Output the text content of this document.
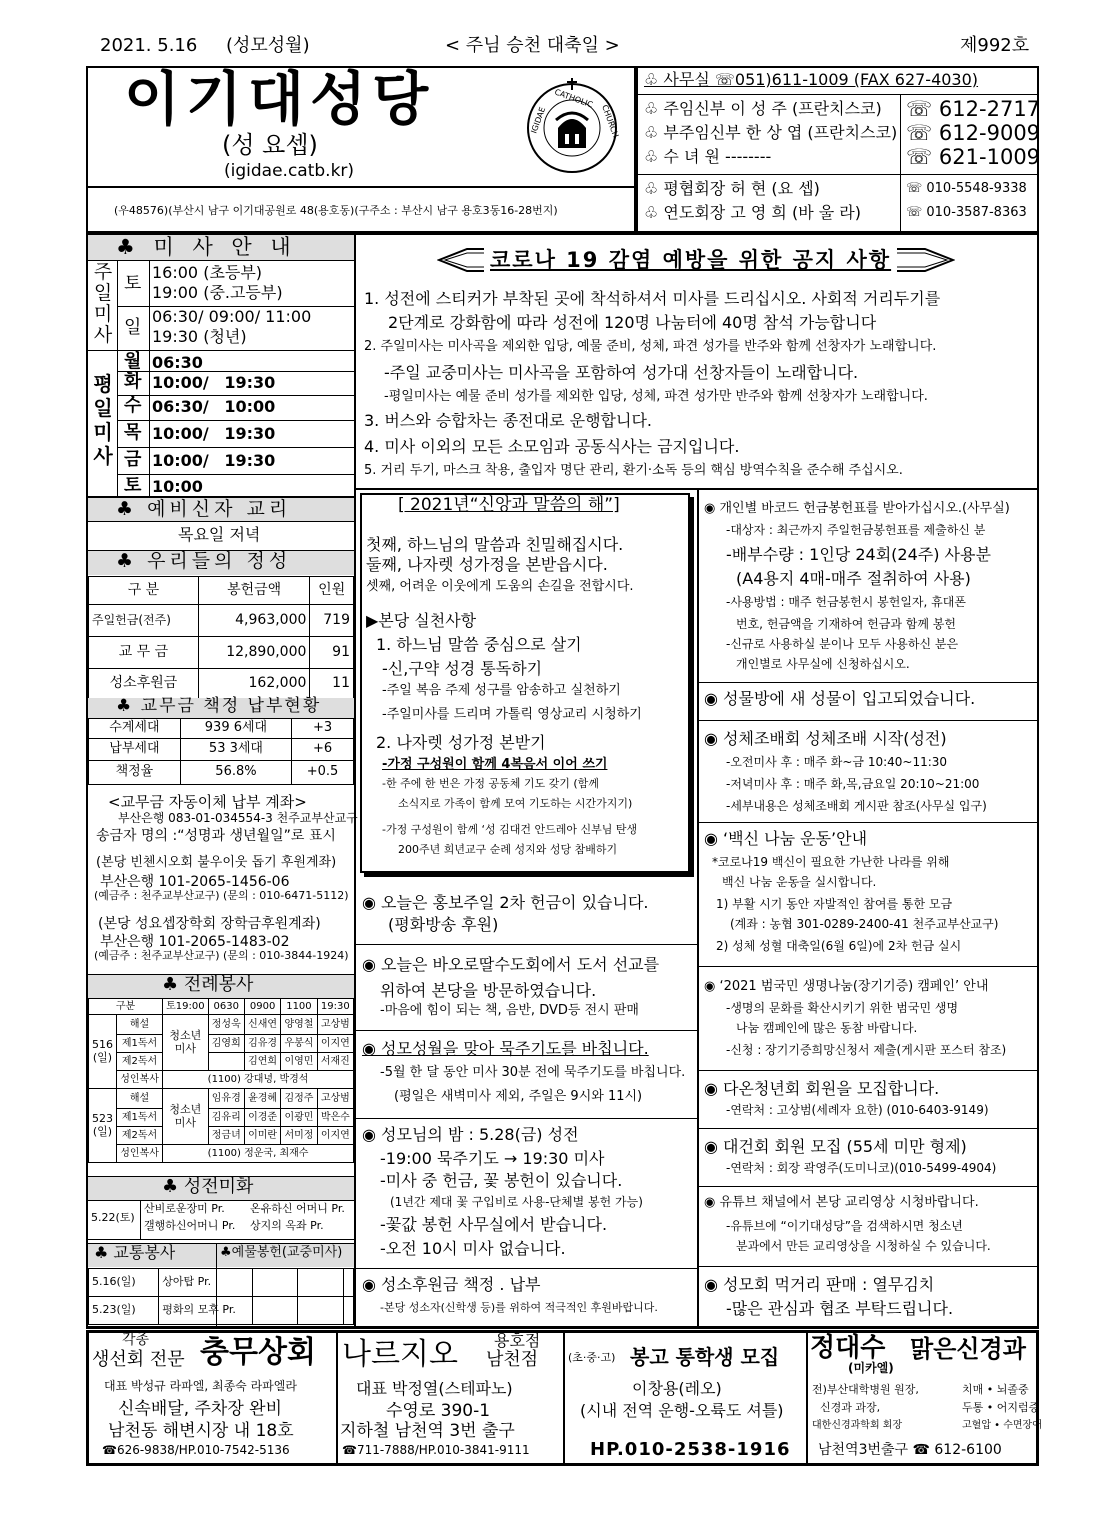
2021. 5.16 (성모성월)	< 주님 승천 대축일 >	제992호
이기대성당
(성 요셉)
(igidae.catb.kr)
(우48576)(부산시 남구 이기대공원로 48(용호동)(구주소 : 부산시 남구 용호3동16-28번지)
IGIDAE
CATHOLIC
CHURCH
♧ 사무실 ☏051)611-1009 (FAX 627-4030)
♧ 주임신부 이 성 주 (프란치스코) ☏ 612-2717
♧ 부주임신부 한 상 엽 (프란치스코) ☏ 612-9009
♧ 수 녀 원 --------	☏ 621-1009
♧ 평협회장 허 현 (요 셉)	☏ 010-5548-9338
♧ 연도회장 고 영 희 (바 울 라)	☏ 010-3587-8363
♣ 미 사 안 내
주일미사
토
16:00 (초등부)
19:00 (중.고등부)
일
06:30/ 09:00/ 11:00
19:30 (청년)
평일미사
월 06:30
화 10:00/ 19:30
수 06:30/ 10:00
목 10:00/ 19:30
금 10:00/ 19:30
토 10:00
♣ 예비신자 교리
목요일 저녁
♣ 우리들의 정성
구 분	봉헌금액	인원
주일헌금(전주)	4,963,000	719
교 무 금	12,890,000	91
성소후원금	162,000	11
♣ 교무금 책정 납부현황
수계세대	939 6세대	+3
납부세대	53 3세대	+6
책정율	56.8%	+0.5
<교무금 자동이체 납부 계좌>
부산은행 083-01-034554-3 천주교부산교구
송금자 명의 :“성명과 생년월일”로 표시
(본당 빈첸시오회 불우이웃 돕기 후원계좌)
부산은행 101-2065-1456-06
(예금주 : 천주교부산교구) (문의 : 010-6471-5112)
(본당 성요셉장학회 장학금후원계좌)
부산은행 101-2065-1483-02
(예금주 : 천주교부산교구) (문의 : 010-3844-1924)
♣ 전례봉사
구분		토19:00	0630	0900	1100	19:30
516 (일)	해설	청소년 미사	정성욱	신새연	양영철	고상범
	제1독서		김영희	김유경	우봉식	이지연
	제2독서			김연희	이영민	서재진
	성인복사	(1100) 강대녕, 박경석				
523 (일)	해설	청소년 미사	임유경	윤경혜	김정주	고상범
	제1독서		김유리	이경준	이광민	박은수
	제2독서		정금녀	이미란	서미정	이지연
	성인복사	(1100) 정운국, 최재수				
♣ 성전미화
5.22(토)
산비로운장미 Pr. 온유하신 어머니 Pr.
갤행하신어머니 Pr. 상지의 옥좌 Pr.
♣ 교통봉사	♣예물봉헌(교중미사)
5.16(일)	상아탑 Pr.			
5.23(일)	평화의 모후 Pr.			
코로나 19 감염 예방을 위한 공지 사항
1. 성전에 스티커가 부착된 곳에 착석하셔서 미사를 드리십시오. 사회적 거리두기를
2단계로 강화함에 따라 성전에 120명 나눔터에 40명 참석 가능합니다
2. 주일미사는 미사곡을 제외한 입당, 예물 준비, 성체, 파견 성가를 반주와 함께 선창자가 노래합니다.
-주일 교중미사는 미사곡을 포함하여 성가대 선창자들이 노래합니다.
-평일미사는 예물 준비 성가를 제외한 입당, 성체, 파견 성가만 반주와 함께 선창자가 노래합니다.
3. 버스와 승합차는 종전대로 운행합니다.
4. 미사 이외의 모든 소모임과 공동식사는 금지입니다.
5. 거리 두기, 마스크 착용, 출입자 명단 관리, 환기·소독 등의 핵심 방역수칙을 준수해 주십시오.
[ 2021년“신앙과 말씀의 해”]
첫째, 하느님의 말씀과 친밀해집시다.
둘째, 나자렛 성가정을 본받읍시다.
셋째, 어려운 이웃에게 도움의 손길을 전합시다.
▶본당 실천사항
1. 하느님 말씀 중심으로 살기
-신,구약 성경 통독하기
-주일 복음 주제 성구를 암송하고 실천하기
-주일미사를 드리며 가톨릭 영상교리 시청하기
2. 나자렛 성가정 본받기
-가정 구성원이 함께 4복음서 이어 쓰기
-한 주에 한 번은 가정 공동체 기도 갖기 (함께
소식지로 가족이 함께 모여 기도하는 시간가지기)
-가정 구성원이 함께 ‘성 김대건 안드레아 신부님 탄생
200주년 희년교구 순례 성지와 성당 참배하기
◉ 오늘은 홍보주일 2차 헌금이 있습니다.
(평화방송 후원)
◉ 오늘은 바오로딸수도회에서 도서 선교를
위하여 본당을 방문하였습니다.
-마음에 힘이 되는 책, 음반, DVD등 전시 판매
◉ 성모성월을 맞아 묵주기도를 바칩니다.
-5월 한 달 동안 미사 30분 전에 묵주기도를 바칩니다.
(평일은 새벽미사 제외, 주일은 9시와 11시)
◉ 성모님의 밤 : 5.28(금) 성전
-19:00 묵주기도 → 19:30 미사
-미사 중 헌금, 꽃 봉헌이 있습니다.
(1년간 제대 꽃 구입비로 사용-단체별 봉헌 가능)
-꽃값 봉헌 사무실에서 받습니다.
-오전 10시 미사 없습니다.
◉ 성소후원금 책정 . 납부
-본당 성소자(신학생 등)를 위하여 적극적인 후원바랍니다.
◉ 개인별 바코드 헌금봉헌표를 받아가십시오.(사무실)
-대상자 : 최근까지 주일헌금봉헌표를 제출하신 분
-배부수량 : 1인당 24회(24주) 사용분
(A4용지 4매-매주 절취하여 사용)
-사용방법 : 매주 헌금봉헌시 봉헌일자, 휴대폰
번호, 헌금액을 기재하여 헌금과 함께 봉헌
-신규로 사용하실 분이나 모두 사용하신 분은
개인별로 사무실에 신청하십시오.
◉ 성물방에 새 성물이 입고되었습니다.
◉ 성체조배회 성체조배 시작(성전)
-오전미사 후 : 매주 화~금 10:40~11:30
-저녁미사 후 : 매주 화,목,금요일 20:10~21:00
-세부내용은 성체조배회 게시판 참조(사무실 입구)
◉ ‘백신 나눔 운동’안내
*코로나19 백신이 필요한 가난한 나라를 위해
백신 나눔 운동을 실시합니다.
1) 부활 시기 동안 자발적인 참여를 통한 모금
(계좌 : 농협 301-0289-2400-41 천주교부산교구)
2) 성체 성혈 대축일(6월 6일)에 2차 헌금 실시
◉ ‘2021 범국민 생명나눔(장기기증) 캠페인’ 안내
-생명의 문화를 확산시키기 위한 범국민 생명
나눔 캠페인에 많은 동참 바랍니다.
-신청 : 장기기증희망신청서 제출(게시판 포스터 참조)
◉ 다온청년회 회원을 모집합니다.
-연락처 : 고상범(세례자 요한) (010-6403-9149)
◉ 대건회 회원 모집 (55세 미만 형제)
-연락처 : 회장 곽영주(도미니코)(010-5499-4904)
◉ 유튜브 채널에서 본당 교리영상 시청바랍니다.
-유튜브에 “이기대성당”을 검색하시면 청소년
분과에서 만든 교리영상을 시청하실 수 있습니다.
◉ 성모회 먹거리 판매 : 열무김치
-많은 관심과 협조 부탁드립니다.
각종
생선회 전문 충무상회
대표 박성규 라파엘, 최종숙 라파엘라
신속배달, 주차장 완비
남천동 해변시장 내 18호
☎626-9838/HP.010-7542-5136
나르지오 용호점
남천점
대표 박정열(스테파노)
수영로 390-1
지하철 남천역 3번 출구
☎711-7888/HP.010-3841-9111
(초·중·고) 봉고 통학생 모집
이창용(레오)
(시내 전역 운행-오륙도 셔틀)
HP.010-2538-1916
정대수 맑은신경과
(미카엘)
전)부산대학병원 원장,	치매 • 뇌졸중
신경과 과장,	두통 • 어지럼증
대한신경과학회 회장	고혈압 • 수면장애
남천역3번출구 ☎ 612-6100
